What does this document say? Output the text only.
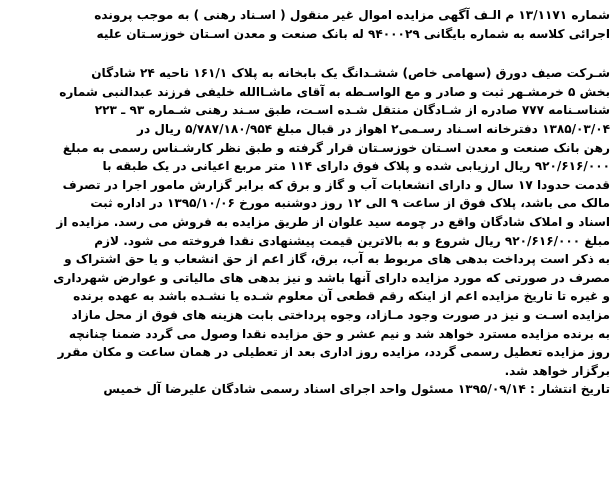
شماره ۱۳/۱۱۷۱ م الـف آگهی مزایده اموال غیر منقول ( اسـناد رهنی ) به موجب پرونده
اجرائی کلاسه به شماره بایگانی ۹۴۰۰۰۲۹ له بانک صنعت و معدن اسـتان خوزسـتان علیه
شـرکت صیف دورق (سهامی خاص) ششـدانگ یک بابخانه به پلاک ۱۶۱/۱ ناحیه ۲۴ شادگان
بخش ۵ خرمشـهر ثبت و صادر و مع الواسـطه به آقای ماشـاالله خلیفی فرزند عبدالنبی شماره
شناسـنامه ۷۷۷ صادره از شـادگان منتقل شـده اسـت، طبق سـند رهنی شـماره ۹۳ ـ ۲۲۳
۱۳۸۵/۰۳/۰۴ دفترخانه اسـناد رسـمی۲ اهواز در قبال مبلغ ۵/۷۸۷/۱۸۰/۹۵۴ ریال در
رهن بانک صنعت و معدن اسـتان خوزسـتان قرار گرفته و طبق نظر کارشـناس رسمی به مبلغ
۹۲۰/۶۱۶/۰۰۰ ریال ارزیابی شده و پلاک فوق دارای ۱۱۴ متر مربع اعیانی در یک طبقه با
قدمت حدودا ۱۷ سال و دارای انشعابات آب و گاز و برق که برابر گزارش مامور اجرا در تصرف
مالک می باشد، پلاک فوق از ساعت ۹ الی ۱۲ روز دوشنبه مورخ ۱۳۹۵/۱۰/۰۶ در اداره ثبت
اسناد و املاک شادگان واقع در چومه سید علوان از طریق مزایده به فروش می رسد. مزایده از
مبلغ ۹۲۰/۶۱۶/۰۰۰ ریال شروع و به بالاترین قیمت پیشنهادی نقدا فروخته می شود. لازم
به ذکر است پرداخت بدهی های مربوط به آب، برق، گاز اعم از حق انشعاب و یا حق اشتراک و
مصرف در صورتی که مورد مزایده دارای آنها باشد و نیز بدهی های مالیاتی و عوارض شهرداری
و غیره تا تاریخ مزایده اعم از اینکه رقم قطعی آن معلوم شـده یا نشـده باشد به عهده برنده
مزایده اسـت و نیز در صورت وجود مـازاد، وجوه پرداختی بابت هزینه های فوق از محل مازاد
به برنده مزایده مسترد خواهد شد و نیم عشر و حق مزایده نقدا وصول می گردد ضمنا چنانچه
روز مزایده تعطیل رسمی گردد، مزایده روز اداری بعد از تعطیلی در همان ساعت و مکان مقرر
برگزار خواهد شد.
تاریخ انتشار : ۱۳۹۵/۰۹/۱۴ مسئول واحد اجرای اسناد رسمی شادگان علیرضا آل خمیس
